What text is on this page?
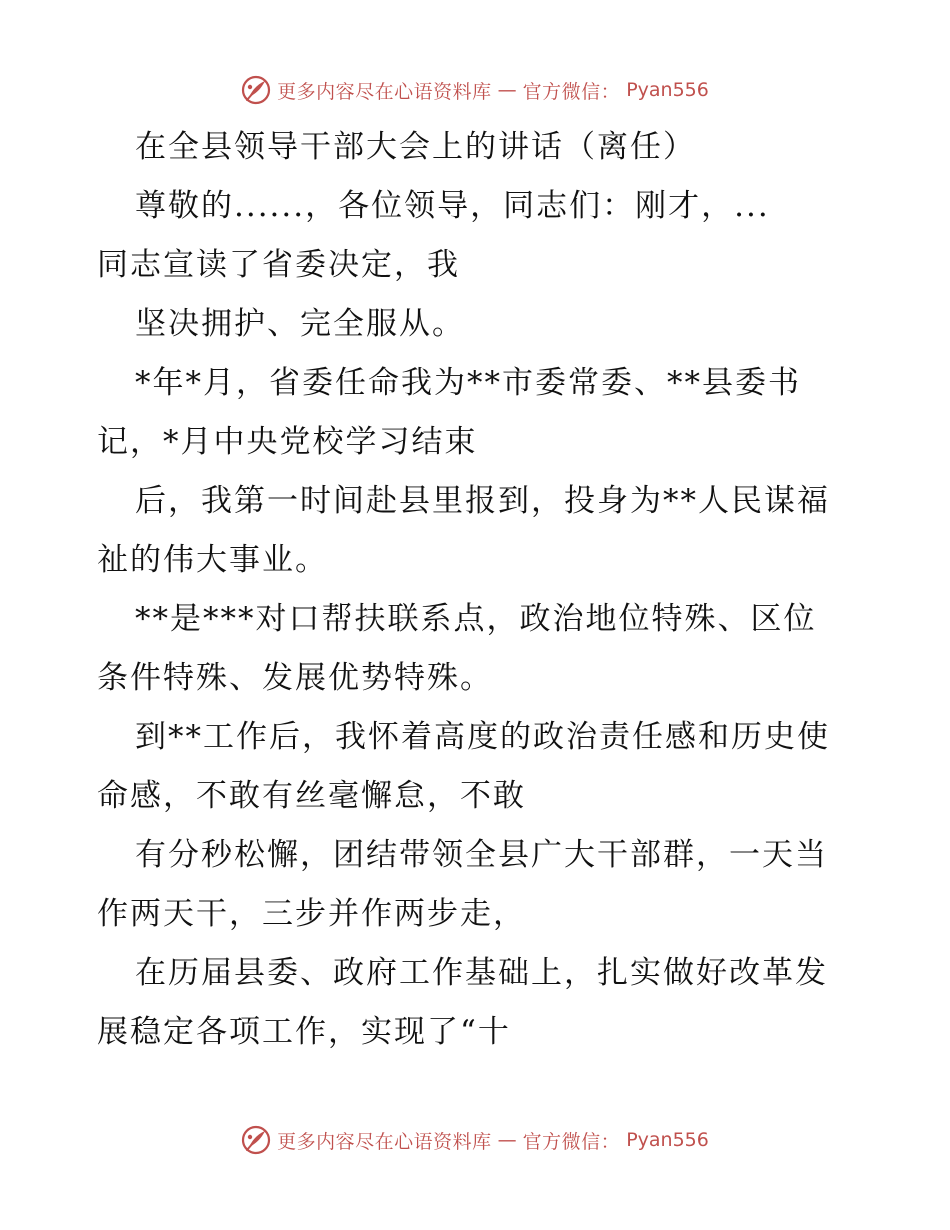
更多内容尽在心语资料库 — 官方微信： Pyan556
在全县领导干部大会上的讲话（离任）
尊敬的......，各位领导，同志们：刚才，...
同志宣读了省委决定，我
坚决拥护、完全服从。
*年*月，省委任命我为**市委常委、**县委书
记，*月中央党校学习结束
后，我第一时间赴县里报到，投身为**人民谋福
祉的伟大事业。
**是***对口帮扶联系点，政治地位特殊、区位
条件特殊、发展优势特殊。
到**工作后，我怀着高度的政治责任感和历史使
命感，不敢有丝毫懈怠，不敢
有分秒松懈，团结带领全县广大干部群，一天当
作两天干，三步并作两步走，
在历届县委、政府工作基础上，扎实做好改革发
展稳定各项工作，实现了“十
更多内容尽在心语资料库 — 官方微信： Pyan556
